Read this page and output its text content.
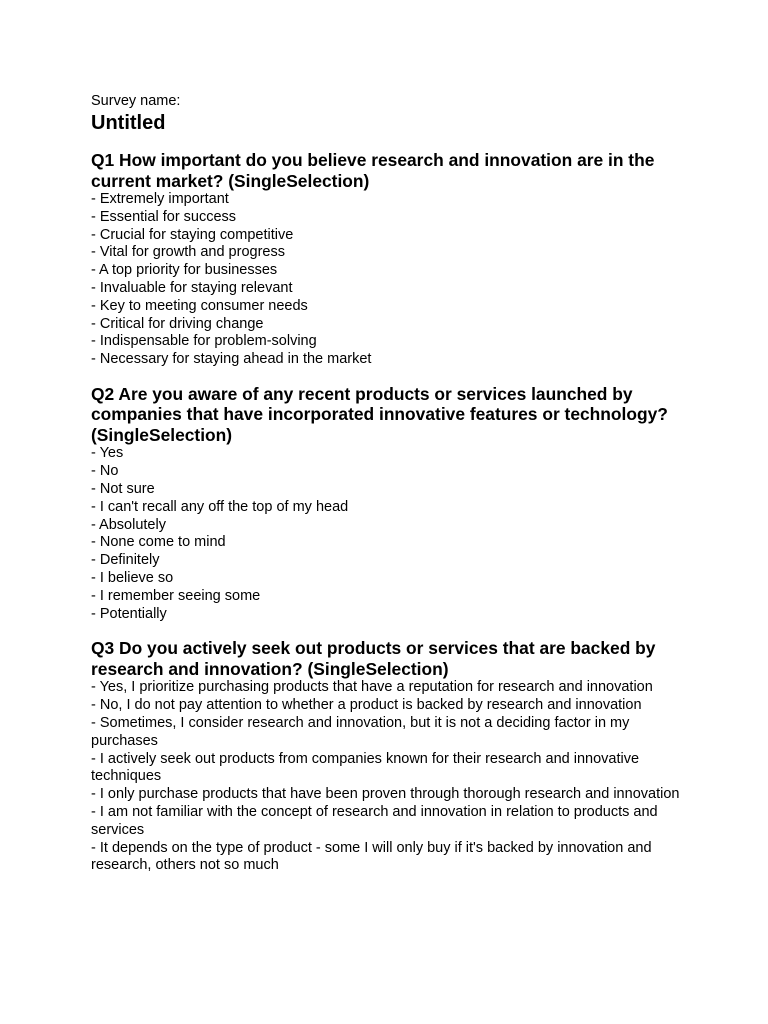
Survey name:

Untitled
Q1 How important do you believe research and innovation are in the current market? (SingleSelection)
- Extremely important
- Essential for success
- Crucial for staying competitive
- Vital for growth and progress
- A top priority for businesses
- Invaluable for staying relevant
- Key to meeting consumer needs
- Critical for driving change
- Indispensable for problem-solving
- Necessary for staying ahead in the market
Q2 Are you aware of any recent products or services launched by companies that have incorporated innovative features or technology? (SingleSelection)
- Yes
- No
- Not sure
- I can't recall any off the top of my head
- Absolutely
- None come to mind
- Definitely
- I believe so
- I remember seeing some
- Potentially
Q3 Do you actively seek out products or services that are backed by research and innovation? (SingleSelection)
- Yes, I prioritize purchasing products that have a reputation for research and innovation
- No, I do not pay attention to whether a product is backed by research and innovation
- Sometimes, I consider research and innovation, but it is not a deciding factor in my purchases
- I actively seek out products from companies known for their research and innovative techniques
- I only purchase products that have been proven through thorough research and innovation
- I am not familiar with the concept of research and innovation in relation to products and services
- It depends on the type of product - some I will only buy if it's backed by innovation and research, others not so much
